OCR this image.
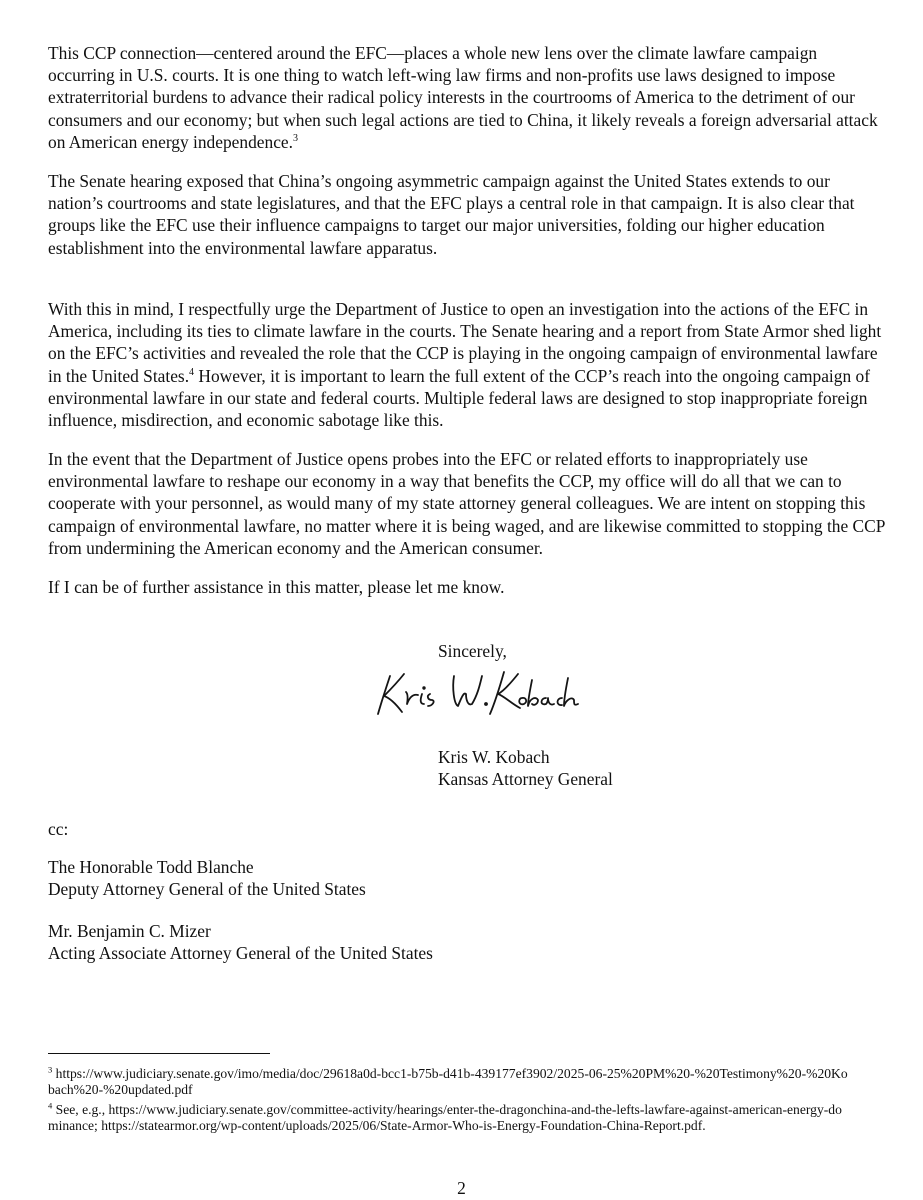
This CCP connection—centered around the EFC—places a whole new lens over the climate lawfare campaign occurring in U.S. courts. It is one thing to watch left-wing law firms and non-profits use laws designed to impose extraterritorial burdens to advance their radical policy interests in the courtrooms of America to the detriment of our consumers and our economy; but when such legal actions are tied to China, it likely reveals a foreign adversarial attack on American energy independence.$^3$

The Senate hearing exposed that China’s ongoing asymmetric campaign against the United States extends to our nation’s courtrooms and state legislatures, and that the EFC plays a central role in that campaign. It is also clear that groups like the EFC use their influence campaigns to target our major universities, folding our higher education establishment into the environmental lawfare apparatus.

With this in mind, I respectfully urge the Department of Justice to open an investigation into the actions of the EFC in America, including its ties to climate lawfare in the courts. The Senate hearing and a report from State Armor shed light on the EFC’s activities and revealed the role that the CCP is playing in the ongoing campaign of environmental lawfare in the United States.$^4$ However, it is important to learn the full extent of the CCP’s reach into the ongoing campaign of environmental lawfare in our state and federal courts. Multiple federal laws are designed to stop inappropriate foreign influence, misdirection, and economic sabotage like this.

In the event that the Department of Justice opens probes into the EFC or related efforts to inappropriately use environmental lawfare to reshape our economy in a way that benefits the CCP, my office will do all that we can to cooperate with your personnel, as would many of my state attorney general colleagues. We are intent on stopping this campaign of environmental lawfare, no matter where it is being waged, and are likewise committed to stopping the CCP from undermining the American economy and the American consumer.

If I can be of further assistance in this matter, please let me know.

Sincerely,
Kris W. Kobach
Kansas Attorney General
cc:
The Honorable Todd Blanche
Deputy Attorney General of the United States
Mr. Benjamin C. Mizer
Acting Associate Attorney General of the United States
$^3$ https://www.judiciary.senate.gov/imo/media/doc/29618a0d-bcc1-b75b-d41b-439177ef3902/2025-06-25%20PM%20-%20Testimony%20-%20Kobach%20-%20updated.pdf
$^4$ See, e.g., https://www.judiciary.senate.gov/committee-activity/hearings/enter-the-dragonchina-and-the-lefts-lawfare-against-american-energy-dominance; https://statearmor.org/wp-content/uploads/2025/06/State-Armor-Who-is-Energy-Foundation-China-Report.pdf.
2
